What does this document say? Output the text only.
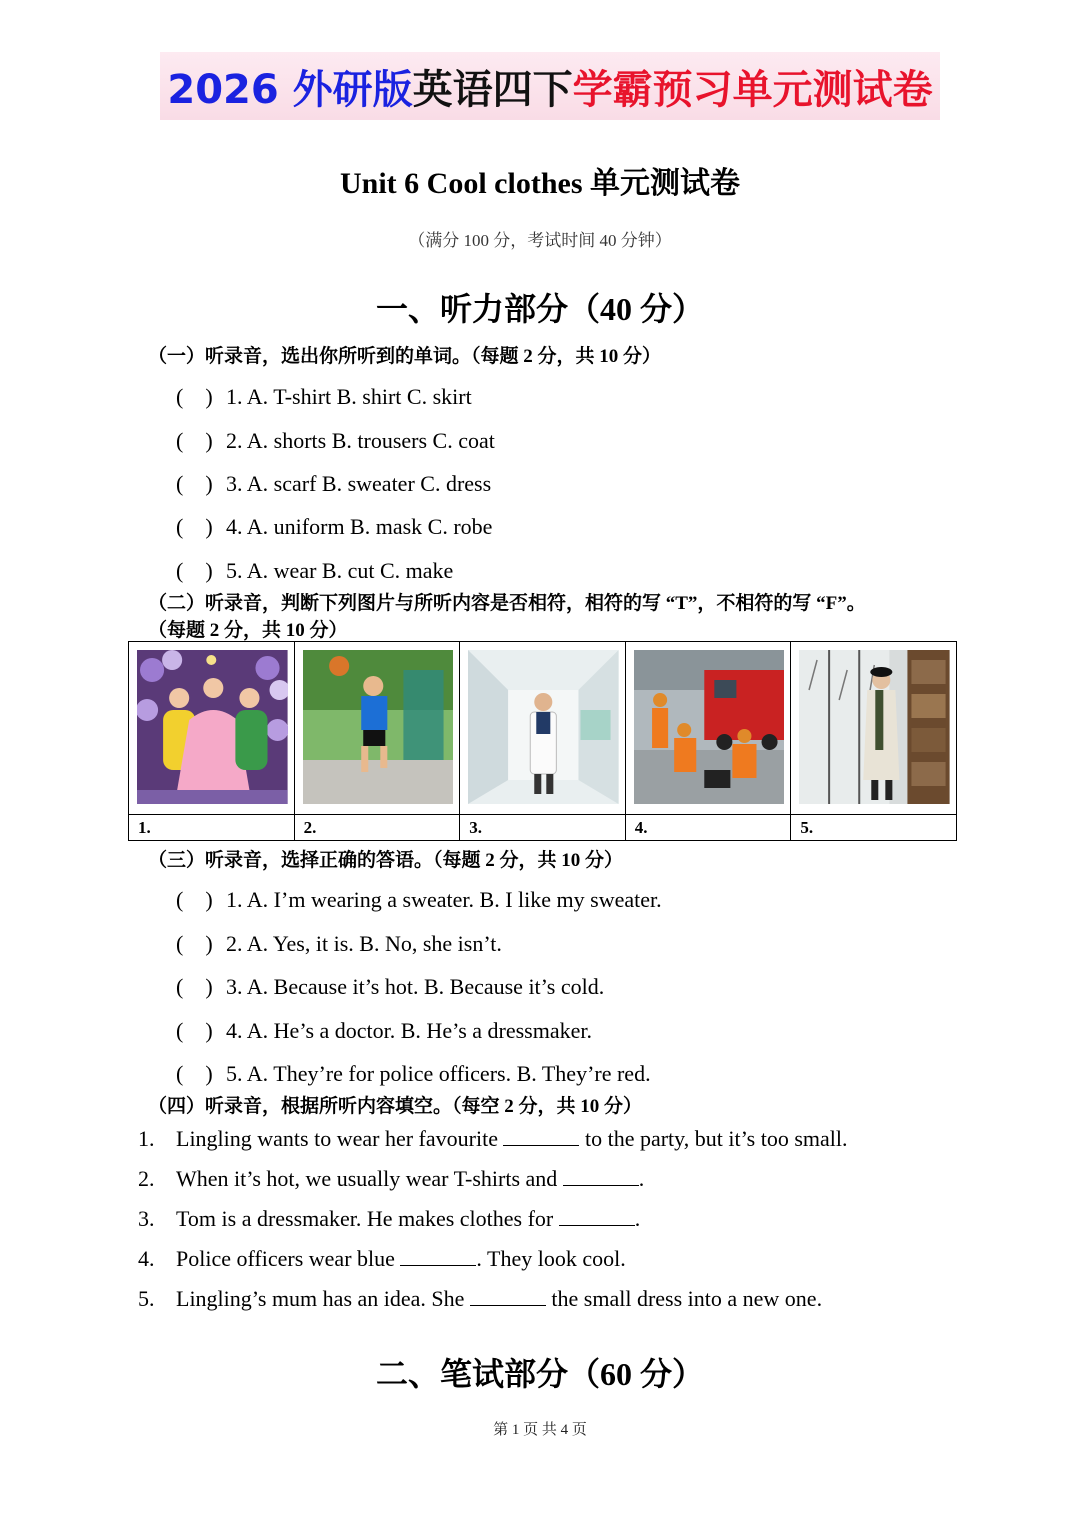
2026 外研版英语四下学霸预习单元测试卷
Unit 6 Cool clothes 单元测试卷
（满分 100 分，考试时间 40 分钟）
一、听力部分（40 分）
（一）听录音，选出你所听到的单词。（每题 2 分，共 10 分）
(　) 1. A. T-shirt B. shirt C. skirt
(　) 2. A. shorts B. trousers C. coat
(　) 3. A. scarf B. sweater C. dress
(　) 4. A. uniform B. mask C. robe
(　) 5. A. wear B. cut C. make
（二）听录音，判断下列图片与所听内容是否相符，相符的写 “T”，不相符的写 “F”。
（每题 2 分，共 10 分）
1.	2.	3.	4.	5.
（三）听录音，选择正确的答语。（每题 2 分，共 10 分）
(　) 1. A. I’m wearing a sweater. B. I like my sweater.
(　) 2. A. Yes, it is. B. No, she isn’t.
(　) 3. A. Because it’s hot. B. Because it’s cold.
(　) 4. A. He’s a doctor. B. He’s a dressmaker.
(　) 5. A. They’re for police officers. B. They’re red.
（四）听录音，根据所听内容填空。（每空 2 分，共 10 分）
1. Lingling wants to wear her favourite	to the party, but it’s too small.
2. When it’s hot, we usually wear T-shirts and	.
3. Tom is a dressmaker. He makes clothes for	.
4. Police officers wear blue	. They look cool.
5. Lingling’s mum has an idea. She	the small dress into a new one.
二、笔试部分（60 分）
第 1 页 共 4 页
